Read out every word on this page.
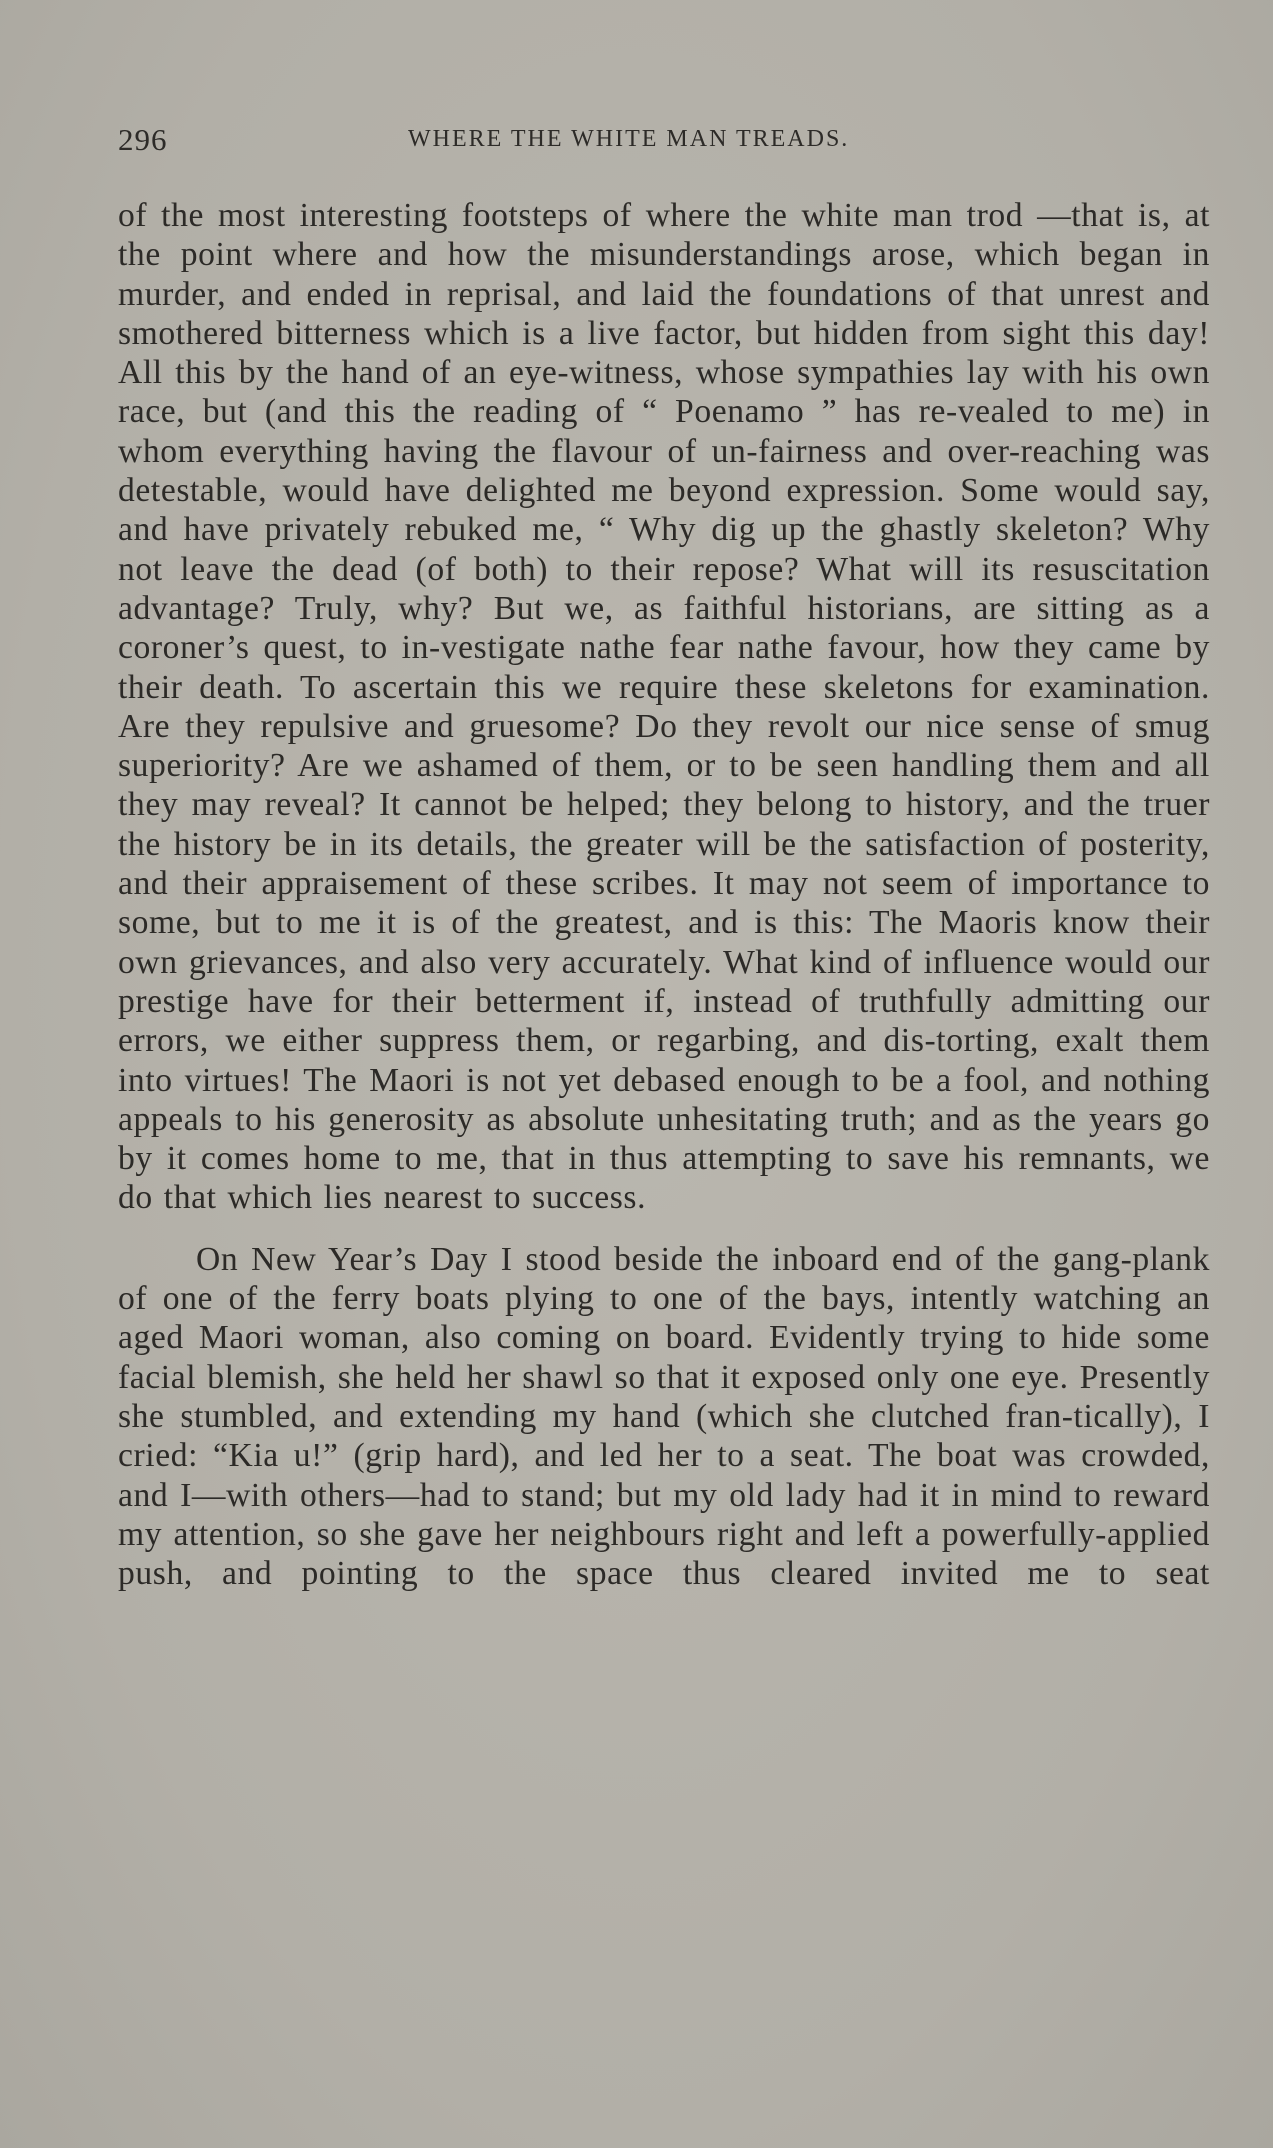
296	WHERE THE WHITE MAN TREADS.

of the most interesting footsteps of where the white man trod —that is, at the point where and how the misunderstandings arose, which began in murder, and ended in reprisal, and laid the foundations of that unrest and smothered bitterness which is a live factor, but hidden from sight this day! All this by the hand of an eye-witness, whose sympathies lay with his own race, but (and this the reading of “ Poenamo ” has re-vealed to me) in whom everything having the flavour of un-fairness and over-reaching was detestable, would have delighted me beyond expression. Some would say, and have privately rebuked me, “ Why dig up the ghastly skeleton? Why not leave the dead (of both) to their repose? What will its resuscitation advantage? Truly, why? But we, as faithful historians, are sitting as a coroner’s quest, to in-vestigate nathe fear nathe favour, how they came by their death. To ascertain this we require these skeletons for examination. Are they repulsive and gruesome? Do they revolt our nice sense of smug superiority? Are we ashamed of them, or to be seen handling them and all they may reveal? It cannot be helped; they belong to history, and the truer the history be in its details, the greater will be the satisfaction of posterity, and their appraisement of these scribes. It may not seem of importance to some, but to me it is of the greatest, and is this: The Maoris know their own grievances, and also very accurately. What kind of influence would our prestige have for their betterment if, instead of truthfully admitting our errors, we either suppress them, or regarbing, and dis-torting, exalt them into virtues! The Maori is not yet debased enough to be a fool, and nothing appeals to his generosity as absolute unhesitating truth; and as the years go by it comes home to me, that in thus attempting to save his remnants, we do that which lies nearest to success.

On New Year’s Day I stood beside the inboard end of the gang-plank of one of the ferry boats plying to one of the bays, intently watching an aged Maori woman, also coming on board. Evidently trying to hide some facial blemish, she held her shawl so that it exposed only one eye. Presently she stumbled, and extending my hand (which she clutched fran-tically), I cried: “Kia u!” (grip hard), and led her to a seat. The boat was crowded, and I—with others—had to stand; but my old lady had it in mind to reward my attention, so she gave her neighbours right and left a powerfully-applied push, and pointing to the space thus cleared invited me to seat
